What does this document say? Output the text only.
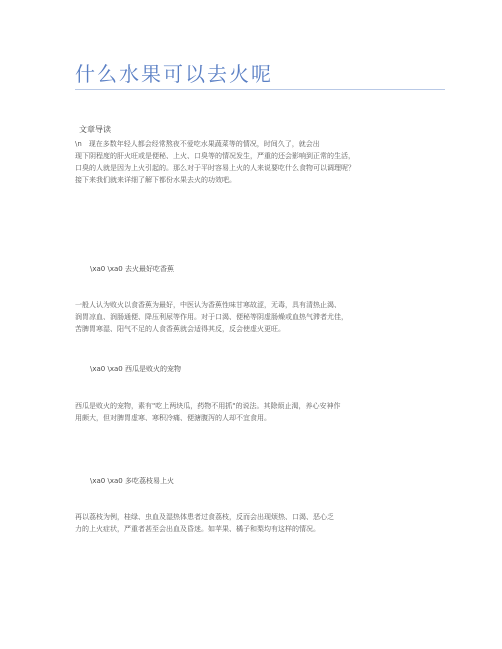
什么水果可以去火呢
文章导读

\n　现在多数年轻人都会经常熬夜不爱吃水果蔬菜等的情况，时间久了，就会出
现下阴程度的肝火旺或是便秘、上火、口臭等的情况发生，严重的还会影响到正常的生活，
口臭的人就是因为上火引起的。那么对于平时容易上火的人来说要吃什么食物可以调理呢？
接下来我们就来详细了解下都份水果去火的功效吧。

\xa0 \xa0 去火最好吃香蕉

一般人认为败火以食香蕉为最好，中医认为香蕉性味甘寒故涩，无毒，具有清热止渴、
润胃凉血、润肠通便、降压利尿等作用。对于口渴、便秘等阴虚肠燥或血热气滞者尤佳，
苦脾胃寒湿、阳气不足的人食香蕉就会适得其反，反会使虚火更旺。

\xa0 \xa0 西瓜是败火的宠物

西瓜是败火的宠物，素有"吃上两块瓜，药物不用抓"的说法。其除烦止渴，养心安神作
用颇大，但对脾胃虚寒、寒积冷痛、便溏腹泻的人却不宜食用。

\xa0 \xa0 多吃荔枝易上火

再以荔枝为例，桂绿、虫血及湿热体患者过食荔枝，反而会出现烦热、口渴、恶心乏
力的上火症状，严重者甚至会出血及昏迷。如苹果、橘子和梨均有这样的情况。
